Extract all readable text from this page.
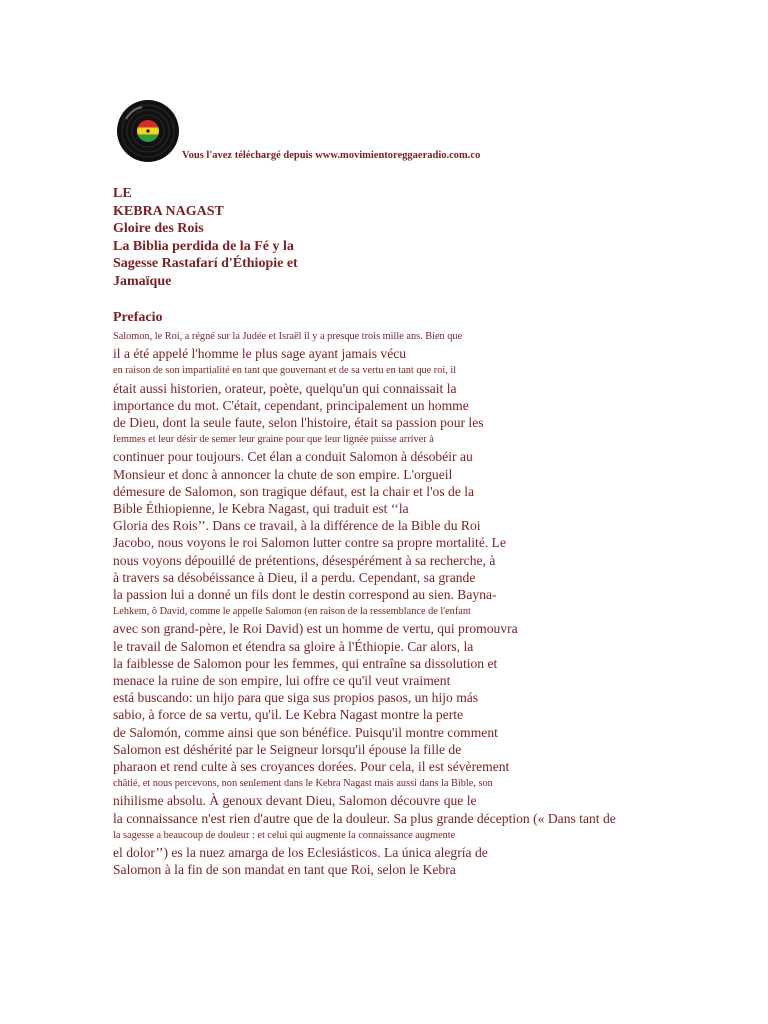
Vous l'avez téléchargé depuis www.movimientoreggaeradio.com.co
LE
KEBRA NAGAST
Gloire des Rois
La Biblia perdida de la Fé y la
Sagesse Rastafarí d'Éthiopie et
Jamaïque
Prefacio
Salomon, le Roi, a régné sur la Judée et Israël il y a presque trois mille ans. Bien que
il a été appelé l'homme le plus sage ayant jamais vécu
en raison de son impartialité en tant que gouvernant et de sa vertu en tant que roi, il
était aussi historien, orateur, poète, quelqu'un qui connaissait la
importance du mot. C'était, cependant, principalement un homme
de Dieu, dont la seule faute, selon l'histoire, était sa passion pour les
femmes et leur désir de semer leur graine pour que leur lignée puisse arriver à
continuer pour toujours. Cet élan a conduit Salomon à désobéir au
Monsieur et donc à annoncer la chute de son empire. L'orgueil
démesure de Salomon, son tragique défaut, est la chair et l'os de la
Bible Éthiopienne, le Kebra Nagast, qui traduit est ‘‘la
Gloria des Rois’’. Dans ce travail, à la différence de la Bible du Roi
Jacobo, nous voyons le roi Salomon lutter contre sa propre mortalité. Le
nous voyons dépouillé de prétentions, désespérément à sa recherche, à
à travers sa désobéissance à Dieu, il a perdu. Cependant, sa grande
la passion lui a donné un fils dont le destin correspond au sien. Bayna-
Lehkem, ô David, comme le appelle Salomon (en raison de la ressemblance de l'enfant
avec son grand-père, le Roi David) est un homme de vertu, qui promouvra
le travail de Salomon et étendra sa gloire à l'Éthiopie. Car alors, la
la faiblesse de Salomon pour les femmes, qui entraîne sa dissolution et
menace la ruine de son empire, lui offre ce qu'il veut vraiment
está buscando: un hijo para que siga sus propios pasos, un hijo más
sabio, à force de sa vertu, qu'il. Le Kebra Nagast montre la perte
de Salomón, comme ainsi que son bénéfice. Puisqu'il montre comment
Salomon est déshérité par le Seigneur lorsqu'il épouse la fille de
pharaon et rend culte à ses croyances dorées. Pour cela, il est sévèrement
châtié, et nous percevons, non seulement dans le Kebra Nagast mais aussi dans la Bible, son
nihilisme absolu. À genoux devant Dieu, Salomon découvre que le
la connaissance n'est rien d'autre que de la douleur. Sa plus grande déception (« Dans tant de
la sagesse a beaucoup de douleur : et celui qui augmente la connaissance augmente
el dolor’’) es la nuez amarga de los Eclesiásticos. La única alegría de
Salomon à la fin de son mandat en tant que Roi, selon le Kebra
